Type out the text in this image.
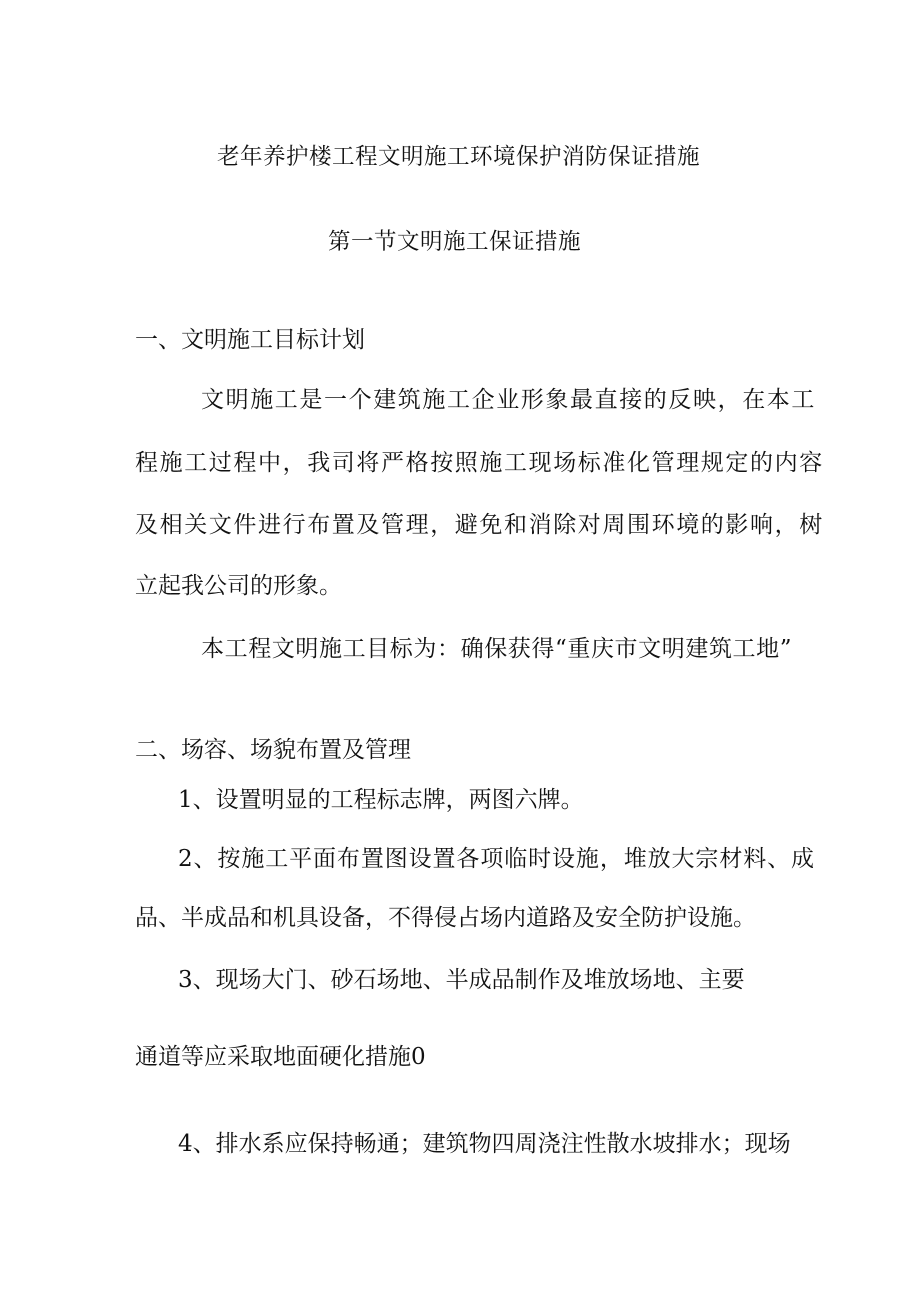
老年养护楼工程文明施工环境保护消防保证措施
第一节文明施工保证措施
一、文明施工目标计划
文明施工是一个建筑施工企业形象最直接的反映，在本工
程施工过程中，我司将严格按照施工现场标准化管理规定的内容
及相关文件进行布置及管理，避免和消除对周围环境的影响，树
立起我公司的形象。
本工程文明施工目标为：确保获得“重庆市文明建筑工地”
二、场容、场貌布置及管理
1、设置明显的工程标志牌，两图六牌。
2、按施工平面布置图设置各项临时设施，堆放大宗材料、成
品、半成品和机具设备，不得侵占场内道路及安全防护设施。
3、现场大门、砂石场地、半成品制作及堆放场地、主要
通道等应采取地面硬化措施0
4、排水系应保持畅通；建筑物四周浇注性散水坡排水；现场
